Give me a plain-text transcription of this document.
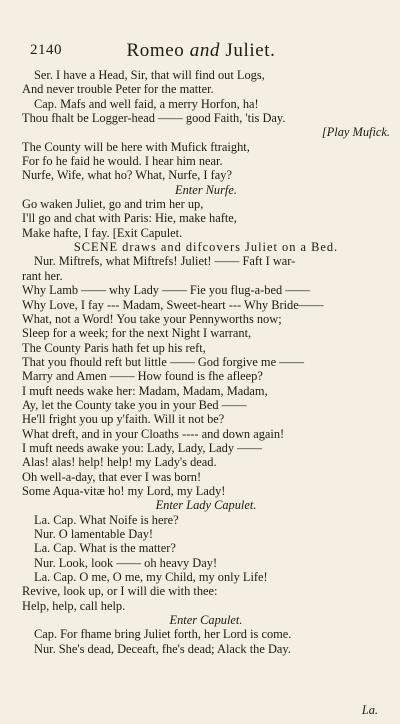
2140	Romeo and Juliet.
Ser. I have a Head, Sir, that will find out Logs,
And never trouble Peter for the matter.
Cap. Mafs and well faid, a merry Horfon, ha!
Thou fhalt be Logger-head —— good Faith, 'tis Day.
[Play Mufick.
The County will be here with Mufick ftraight,
For fo he faid he would. I hear him near.
Nurfe, Wife, what ho? What, Nurfe, I fay?
Enter Nurfe.
Go waken Juliet, go and trim her up,
I'll go and chat with Paris: Hie, make hafte,
Make hafte, I fay. [Exit Capulet.
SCENE draws and difcovers Juliet on a Bed.
Nur. Miftrefs, what Miftrefs! Juliet! —— Faft I war-
rant her.
Why Lamb —— why Lady —— Fie you flug-a-bed ——
Why Love, I fay --- Madam, Sweet-heart --- Why Bride——
What, not a Word! You take your Pennyworths now;
Sleep for a week; for the next Night I warrant,
The County Paris hath fet up his reft,
That you fhould reft but little —— God forgive me ——
Marry and Amen —— How found is fhe afleep?
I muft needs wake her: Madam, Madam, Madam,
Ay, let the County take you in your Bed ——
He'll fright you up y'faith. Will it not be?
What dreft, and in your Cloaths ---- and down again!
I muft needs awake you: Lady, Lady, Lady ——
Alas! alas! help! help! my Lady's dead.
Oh well-a-day, that ever I was born!
Some Aqua-vitæ ho! my Lord, my Lady!
Enter Lady Capulet.
La. Cap. What Noife is here?
Nur. O lamentable Day!
La. Cap. What is the matter?
Nur. Look, look —— oh heavy Day!
La. Cap. O me, O me, my Child, my only Life!
Revive, look up, or I will die with thee:
Help, help, call help.
Enter Capulet.
Cap. For fhame bring Juliet forth, her Lord is come.
Nur. She's dead, Deceaft, fhe's dead; Alack the Day.
La.
